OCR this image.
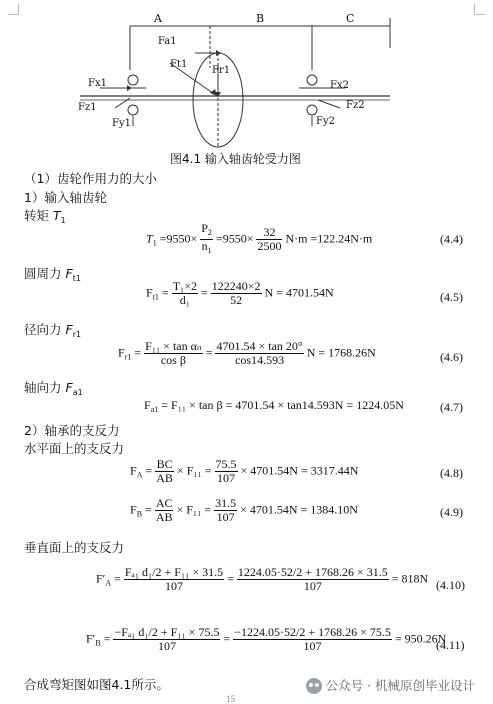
A	B	C
Fa1
Ft1
Fr1
Fx1
Fz1
Fy1
Fx2
Fz2
Fy2
图4.1 输入轴齿轮受力图
（1）齿轮作用力的大小
1）输入轴齿轮
转矩 $T_1$
$T_1 =9550\times \frac{P_2}{n_1} =9550\times \frac{32}{2500} N\cdot m =122.24N\cdot m$	(4.4)
圆周力 $F_{t1}$
$F_{t1} = \frac{\text{T₁×2}}{\text{d₁}} = \frac{122240\times 2}{52}$ N = 4701.54N	(4.5)
径向力 $F_{r1}$
$F_{r1} = \frac{\text{F₁₁ × tan αₙ}}{\text{cos β}} = \frac{4701.54 \times \tan 20^\circ}{\cos 14.593}$ N = 1768.26N	(4.6)
轴向力 $F_{a1}$
$F_{a1} = F_{11} \times \tan \beta = 4701.54 \times \tan 14.593N = 1224.05N$	(4.7)
2）轴承的支反力
水平面上的支反力
$F_A = \frac{BC}{AB} \times F_{11} = \frac{75.5}{107} \times 4701.54N = 3317.44N$	(4.8)
$F_B = \frac{AC}{AB} \times F_{11} = \frac{31.5}{107} \times 4701.54N = 1384.10N$	(4.9)
垂直面上的支反力
$F'_A = \frac{\text{Fₐ₁ d₁/2 + F₁₁ × 31.5}}{107} = \frac{1224.05\cdot 52/2 + 1768.26 \times 31.5}{107} = 818N$ (4.10)
$F'_B = \frac{\text{−Fₐ₁ d₁/2 + F₁₁ × 75.5}}{107} = \frac{-1224.05\cdot 52/2 + 1768.26 \times 75.5}{107} = 950.26N$
(4.11)
合成弯矩图如图4.1所示。
15
公众号 · 机械原创毕业设计
